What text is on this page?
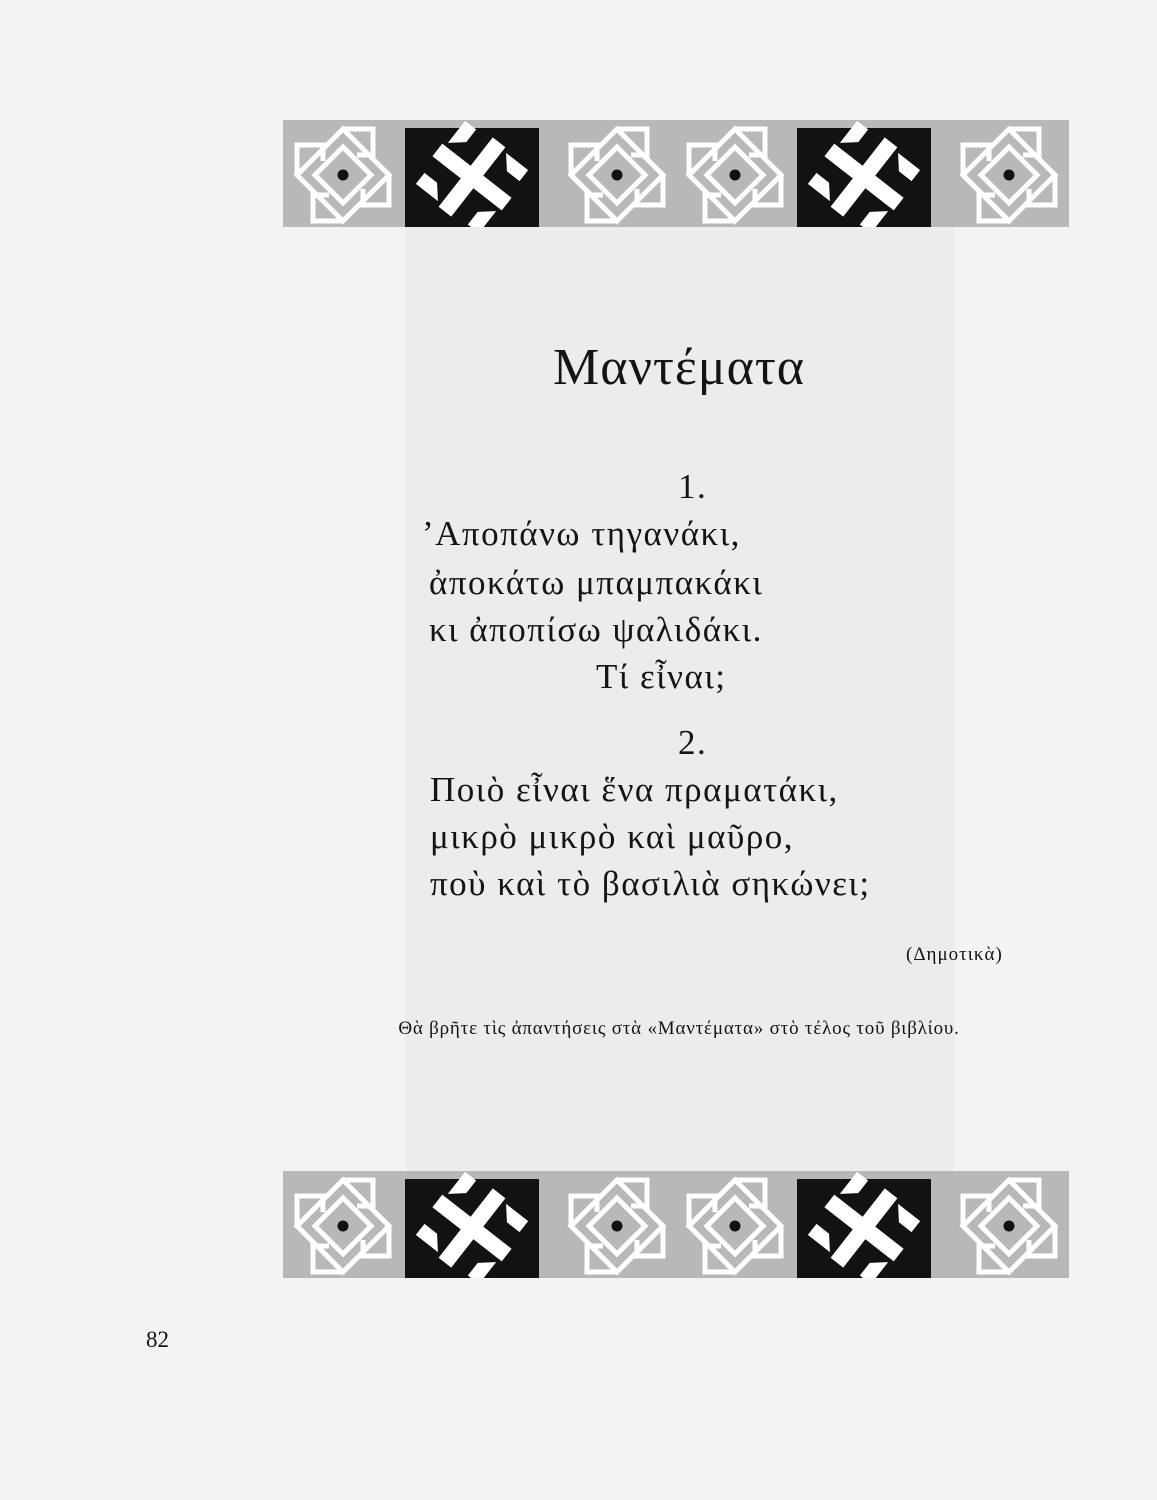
Μαντέματα
1.
’Αποπάνω τηγανάκι,
ἀποκάτω μπαμπακάκι
κι ἀποπίσω ψαλιδάκι.
Τί εἶναι;
2.
Ποιὸ εἶναι ἕνα πραματάκι,
μικρὸ μικρὸ καὶ μαῦρο,
ποὺ καὶ τὸ βασιλιὰ σηκώνει;
(Δημοτικὰ)
Θὰ βρῆτε τὶς ἀπαντήσεις στὰ «Μαντέματα» στὸ τέλος τοῦ βιβλίου.
82
